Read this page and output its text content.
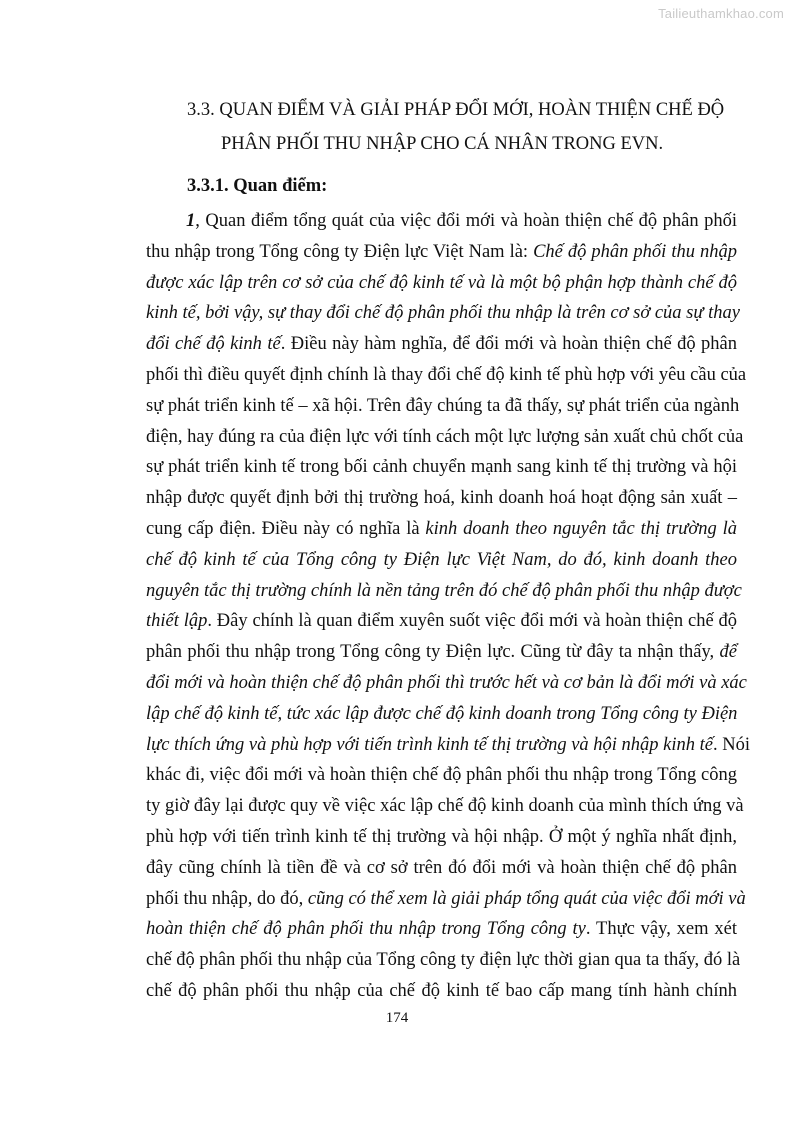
Tailieuthamkhao.com
3.3. QUAN ĐIỂM VÀ GIẢI PHÁP ĐỔI MỚI, HOÀN THIỆN CHẾ ĐỘ
PHÂN PHỐI THU NHẬP CHO CÁ NHÂN TRONG EVN.
3.3.1. Quan điểm:
1, Quan điểm tổng quát của việc đổi mới và hoàn thiện chế độ phân phối
thu nhập trong Tổng công ty Điện lực Việt Nam là: Chế độ phân phối thu nhập
được xác lập trên cơ sở của chế độ kinh tế và là một bộ phận hợp thành chế độ
kinh tế, bởi vậy, sự thay đổi chế độ phân phối thu nhập là trên cơ sở của sự thay
đổi chế độ kinh tế. Điều này hàm nghĩa, để đổi mới và hoàn thiện chế độ phân
phối thì điều quyết định chính là thay đổi chế độ kinh tế phù hợp với yêu cầu của
sự phát triển kinh tế – xã hội. Trên đây chúng ta đã thấy, sự phát triển của ngành
điện, hay đúng ra của điện lực với tính cách một lực lượng sản xuất chủ chốt của
sự phát triển kinh tế trong bối cảnh chuyển mạnh sang kinh tế thị trường và hội
nhập được quyết định bởi thị trường hoá, kinh doanh hoá hoạt động sản xuất –
cung cấp điện. Điều này có nghĩa là kinh doanh theo nguyên tắc thị trường là
chế độ kinh tế của Tổng công ty Điện lực Việt Nam, do đó, kinh doanh theo
nguyên tắc thị trường chính là nền tảng trên đó chế độ phân phối thu nhập được
thiết lập. Đây chính là quan điểm xuyên suốt việc đổi mới và hoàn thiện chế độ
phân phối thu nhập trong Tổng công ty Điện lực. Cũng từ đây ta nhận thấy, để
đổi mới và hoàn thiện chế độ phân phối thì trước hết và cơ bản là đổi mới và xác
lập chế độ kinh tế, tức xác lập được chế độ kinh doanh trong Tổng công ty Điện
lực thích ứng và phù hợp với tiến trình kinh tế thị trường và hội nhập kinh tế. Nói
khác đi, việc đổi mới và hoàn thiện chế độ phân phối thu nhập trong Tổng công
ty giờ đây lại được quy về việc xác lập chế độ kinh doanh của mình thích ứng và
phù hợp với tiến trình kinh tế thị trường và hội nhập. Ở một ý nghĩa nhất định,
đây cũng chính là tiền đề và cơ sở trên đó đổi mới và hoàn thiện chế độ phân
phối thu nhập, do đó, cũng có thể xem là giải pháp tổng quát của việc đổi mới và
hoàn thiện chế độ phân phối thu nhập trong Tổng công ty. Thực vậy, xem xét
chế độ phân phối thu nhập của Tổng công ty điện lực thời gian qua ta thấy, đó là
chế độ phân phối thu nhập của chế độ kinh tế bao cấp mang tính hành chính
174
